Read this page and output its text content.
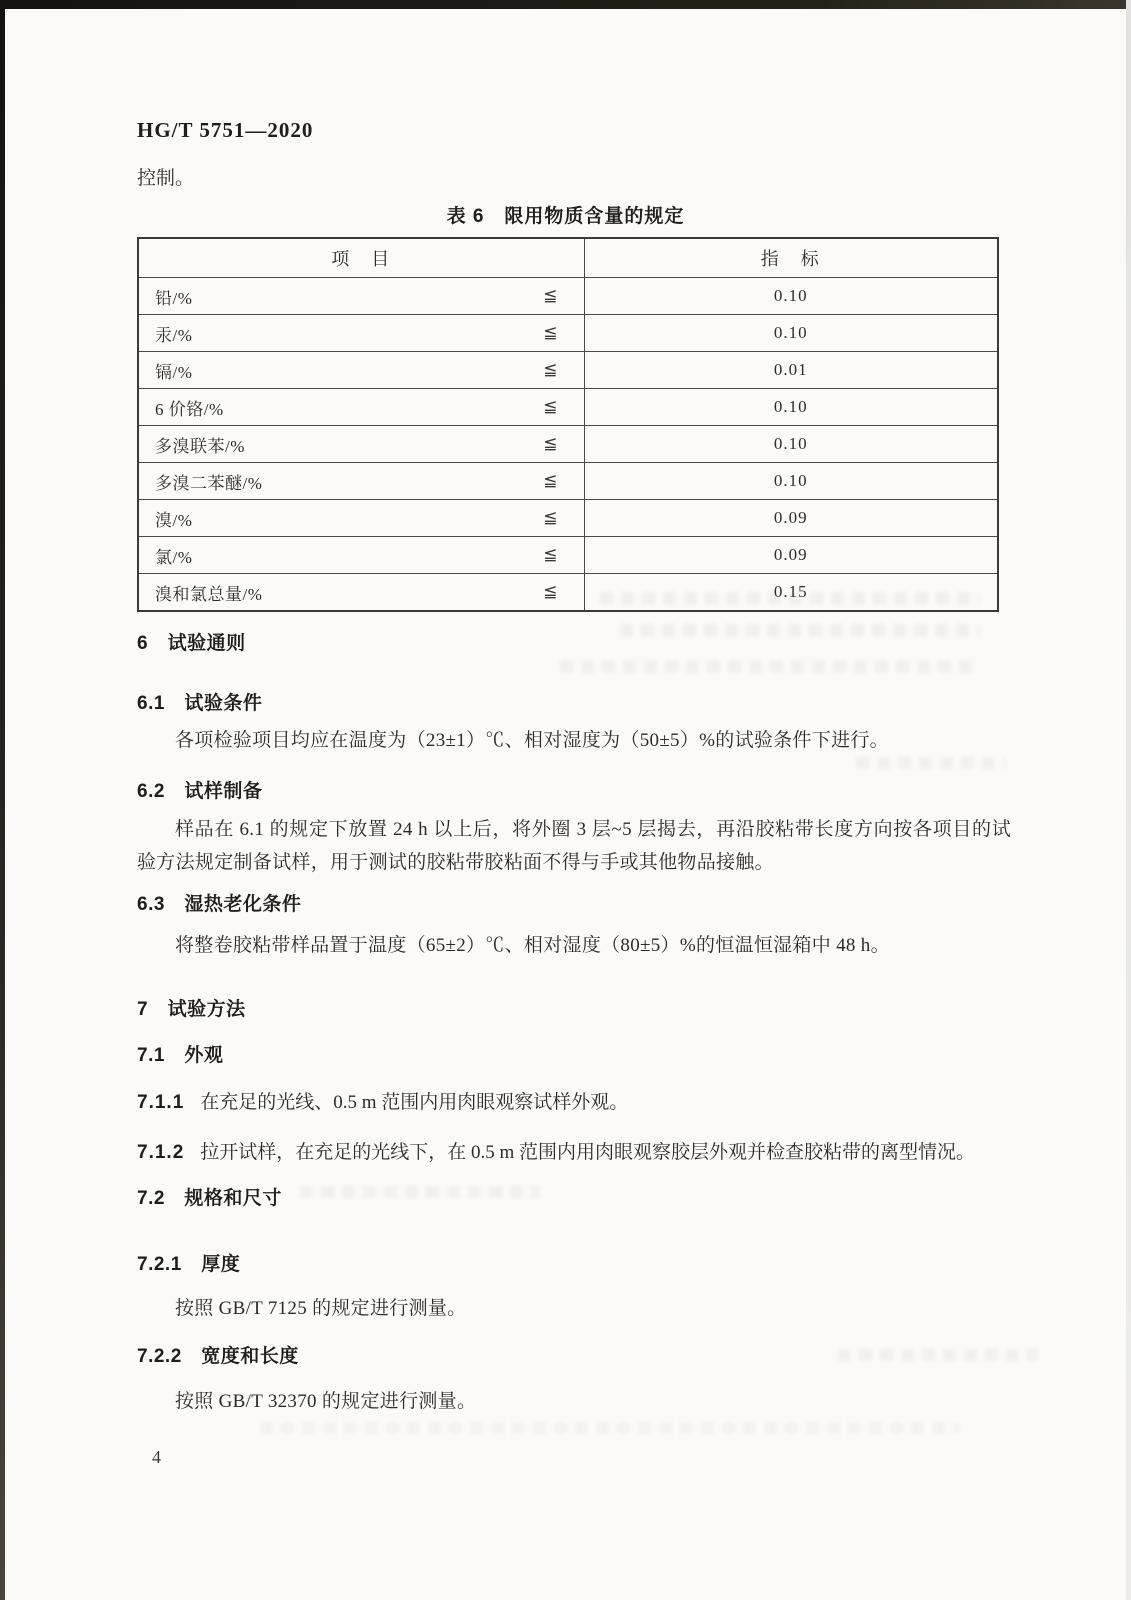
HG/T 5751—2020
控制。
表 6　限用物质含量的规定
项　目	指　标

铅/% ≦	0.10

汞/% ≦	0.10

镉/% ≦	0.01

6 价铬/% ≦	0.10

多溴联苯/% ≦	0.10

多溴二苯醚/% ≦	0.10

溴/% ≦	0.09

氯/% ≦	0.09

溴和氯总量/% ≦	0.15
6　试验通则
6.1　试验条件
各项检验项目均应在温度为（23±1）℃、相对湿度为（50±5）%的试验条件下进行。
6.2　试样制备
样品在 6.1 的规定下放置 24 h 以上后，将外圈 3 层~5 层揭去，再沿胶粘带长度方向按各项目的试验方法规定制备试样，用于测试的胶粘带胶粘面不得与手或其他物品接触。
6.3　湿热老化条件
将整卷胶粘带样品置于温度（65±2）℃、相对湿度（80±5）%的恒温恒湿箱中 48 h。
7　试验方法
7.1　外观
7.1.1 在充足的光线、0.5 m 范围内用肉眼观察试样外观。
7.1.2 拉开试样，在充足的光线下，在 0.5 m 范围内用肉眼观察胶层外观并检查胶粘带的离型情况。
7.2　规格和尺寸
7.2.1　厚度
按照 GB/T 7125 的规定进行测量。
7.2.2　宽度和长度
按照 GB/T 32370 的规定进行测量。
4
